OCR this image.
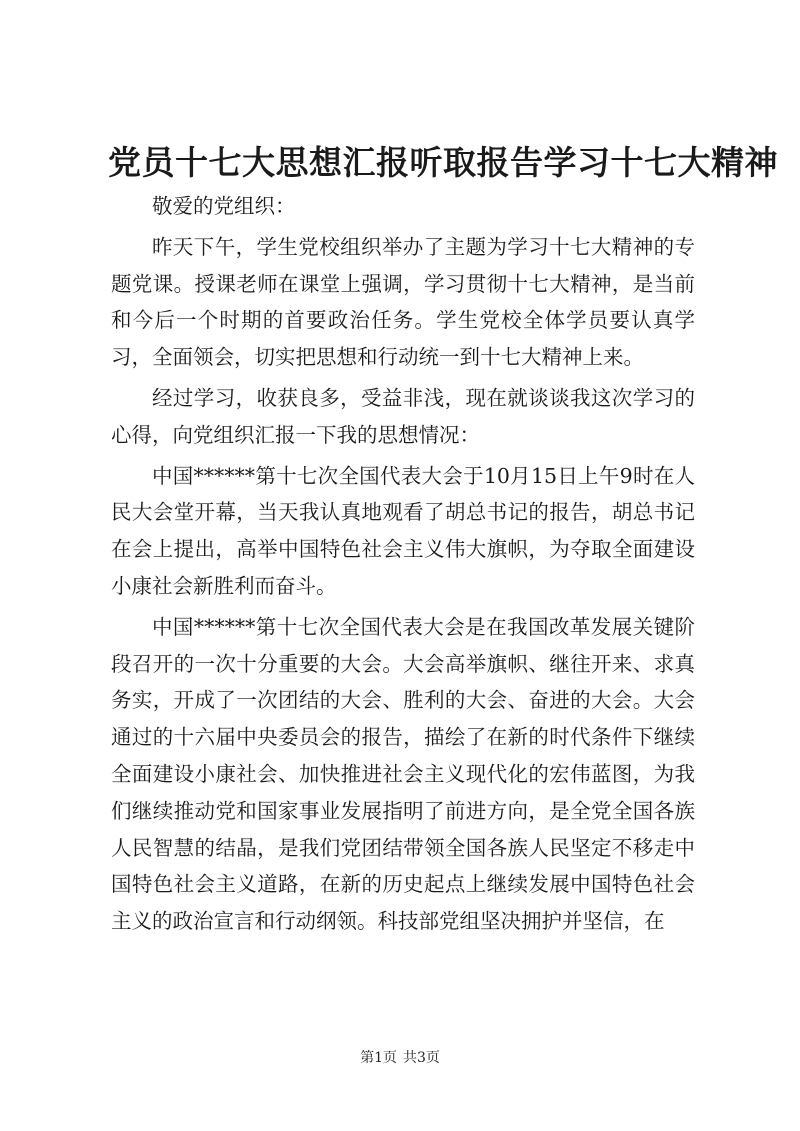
党员十七大思想汇报听取报告学习十七大精神

敬爱的党组织：

昨天下午，学生党校组织举办了主题为学习十七大精神的专题党课。授课老师在课堂上强调，学习贯彻十七大精神，是当前和今后一个时期的首要政治任务。学生党校全体学员要认真学习，全面领会，切实把思想和行动统一到十七大精神上来。

经过学习，收获良多，受益非浅，现在就谈谈我这次学习的心得，向党组织汇报一下我的思想情况：

中国******第十七次全国代表大会于10月15日上午9时在人民大会堂开幕，当天我认真地观看了胡总书记的报告，胡总书记在会上提出，高举中国特色社会主义伟大旗帜，为夺取全面建设小康社会新胜利而奋斗。

中国******第十七次全国代表大会是在我国改革发展关键阶段召开的一次十分重要的大会。大会高举旗帜、继往开来、求真务实，开成了一次团结的大会、胜利的大会、奋进的大会。大会通过的十六届中央委员会的报告，描绘了在新的时代条件下继续全面建设小康社会、加快推进社会主义现代化的宏伟蓝图，为我们继续推动党和国家事业发展指明了前进方向，是全党全国各族人民智慧的结晶，是我们党团结带领全国各族人民坚定不移走中国特色社会主义道路，在新的历史起点上继续发展中国特色社会主义的政治宣言和行动纲领。科技部党组坚决拥护并坚信，在

第1页 共3页
